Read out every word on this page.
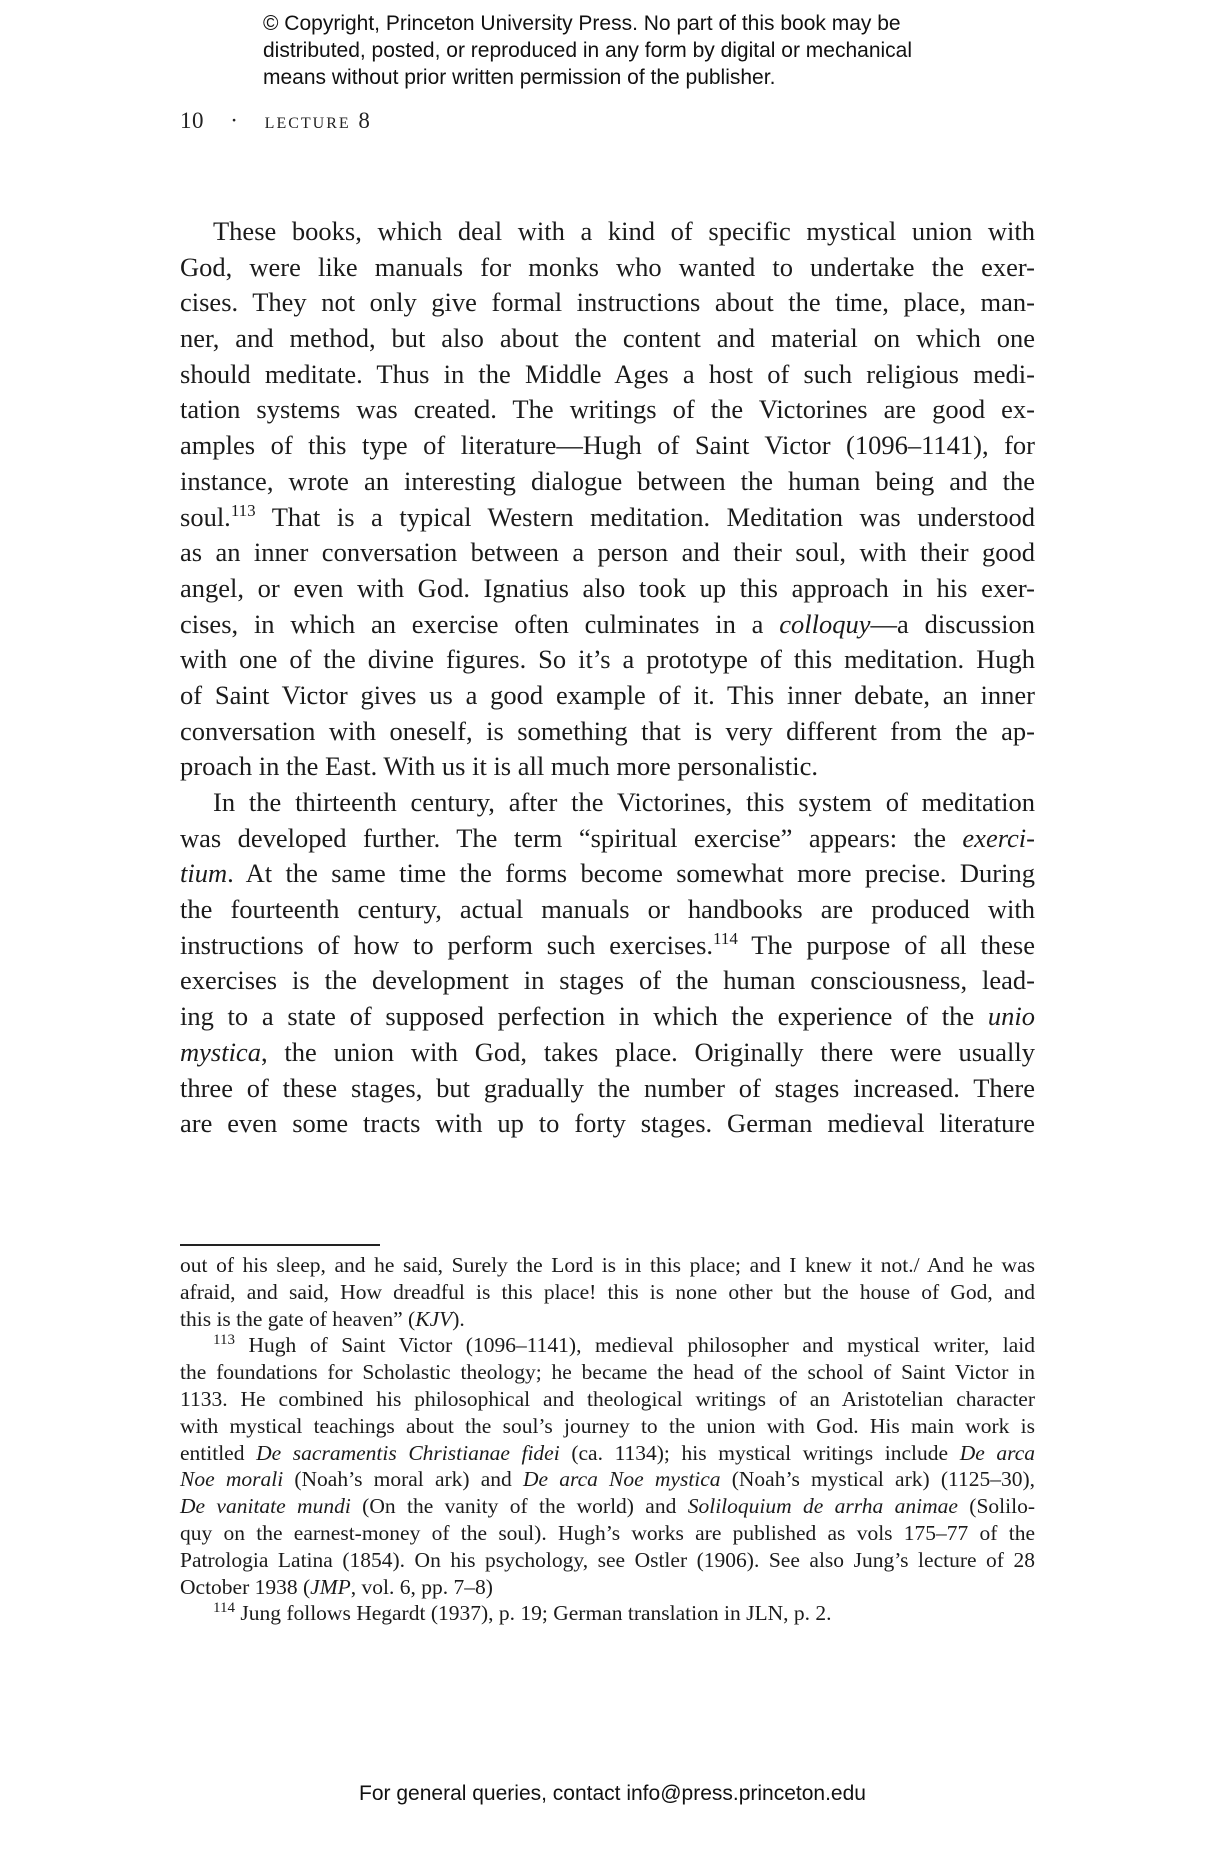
© Copyright, Princeton University Press. No part of this book may be
distributed, posted, or reproduced in any form by digital or mechanical
means without prior written permission of the publisher.
10 · lecture 8
These books, which deal with a kind of specific mystical union with
God, were like manuals for monks who wanted to undertake the exer-
cises. They not only give formal instructions about the time, place, man-
ner, and method, but also about the content and material on which one
should meditate. Thus in the Middle Ages a host of such religious medi-
tation systems was created. The writings of the Victorines are good ex-
amples of this type of literature—Hugh of Saint Victor (1096–1141), for
instance, wrote an interesting dialogue between the human being and the
soul.$^{113}$ That is a typical Western meditation. Meditation was understood
as an inner conversation between a person and their soul, with their good
angel, or even with God. Ignatius also took up this approach in his exer-
cises, in which an exercise often culminates in a colloquy—a discussion
with one of the divine figures. So it’s a prototype of this meditation. Hugh
of Saint Victor gives us a good example of it. This inner debate, an inner
conversation with oneself, is something that is very different from the ap-
proach in the East. With us it is all much more personalistic.
In the thirteenth century, after the Victorines, this system of meditation
was developed further. The term “spiritual exercise” appears: the exerci-
tium. At the same time the forms become somewhat more precise. During
the fourteenth century, actual manuals or handbooks are produced with
instructions of how to perform such exercises.$^{114}$ The purpose of all these
exercises is the development in stages of the human consciousness, lead-
ing to a state of supposed perfection in which the experience of the unio
mystica, the union with God, takes place. Originally there were usually
three of these stages, but gradually the number of stages increased. There
are even some tracts with up to forty stages. German medieval literature
out of his sleep, and he said, Surely the Lord is in this place; and I knew it not./ And he was
afraid, and said, How dreadful is this place! this is none other but the house of God, and
this is the gate of heaven” (KJV).
$^{113}$ Hugh of Saint Victor (1096–1141), medieval philosopher and mystical writer, laid
the foundations for Scholastic theology; he became the head of the school of Saint Victor in
1133. He combined his philosophical and theological writings of an Aristotelian character
with mystical teachings about the soul’s journey to the union with God. His main work is
entitled De sacramentis Christianae fidei (ca. 1134); his mystical writings include De arca
Noe morali (Noah’s moral ark) and De arca Noe mystica (Noah’s mystical ark) (1125–30),
De vanitate mundi (On the vanity of the world) and Soliloquium de arrha animae (Solilo-
quy on the earnest-money of the soul). Hugh’s works are published as vols 175–77 of the
Patrologia Latina (1854). On his psychology, see Ostler (1906). See also Jung’s lecture of 28
October 1938 (JMP, vol. 6, pp. 7–8)
$^{114}$ Jung follows Hegardt (1937), p. 19; German translation in JLN, p. 2.
For general queries, contact info@press.princeton.edu
